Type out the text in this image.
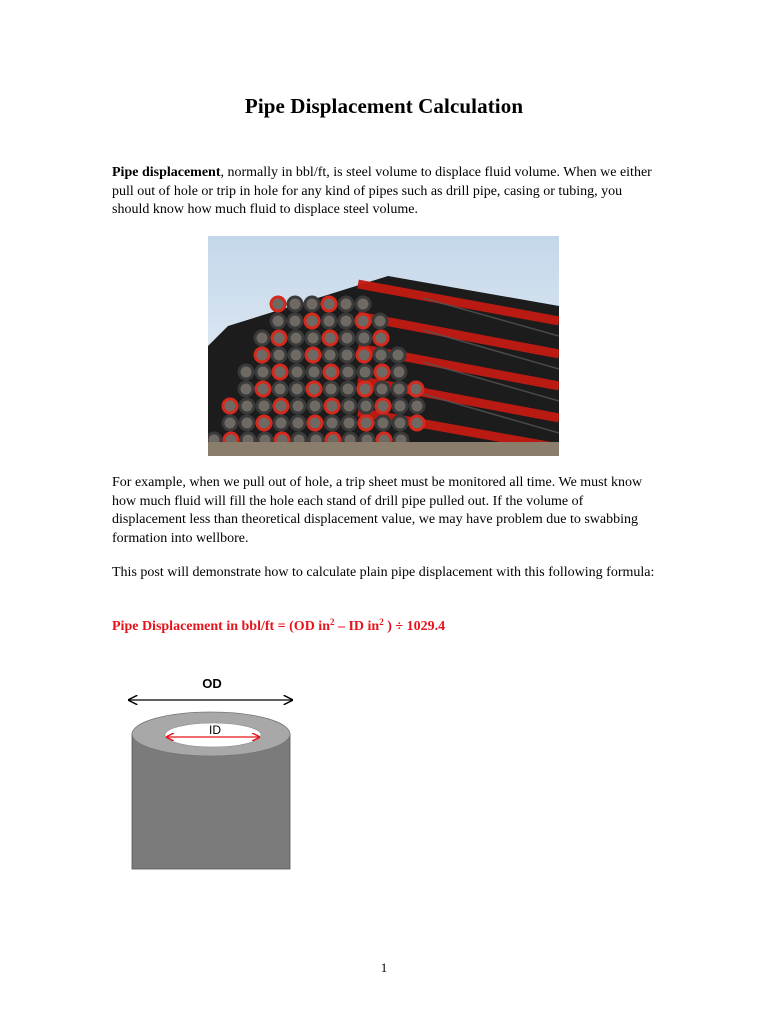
Pipe Displacement Calculation

Pipe displacement, normally in bbl/ft, is steel volume to displace fluid volume. When we either pull out of hole or trip in hole for any kind of pipes such as drill pipe, casing or tubing, you should know how much fluid to displace steel volume.

For example, when we pull out of hole, a trip sheet must be monitored all time. We must know how much fluid will fill the hole each stand of drill pipe pulled out. If the volume of displacement less than theoretical displacement value, we may have problem due to swabbing formation into wellbore.

This post will demonstrate how to calculate plain pipe displacement with this following formula:

Pipe Displacement in bbl/ft = (OD $in^2$ – ID $in^2$ ) ÷ 1029.4
OD
ID
1
